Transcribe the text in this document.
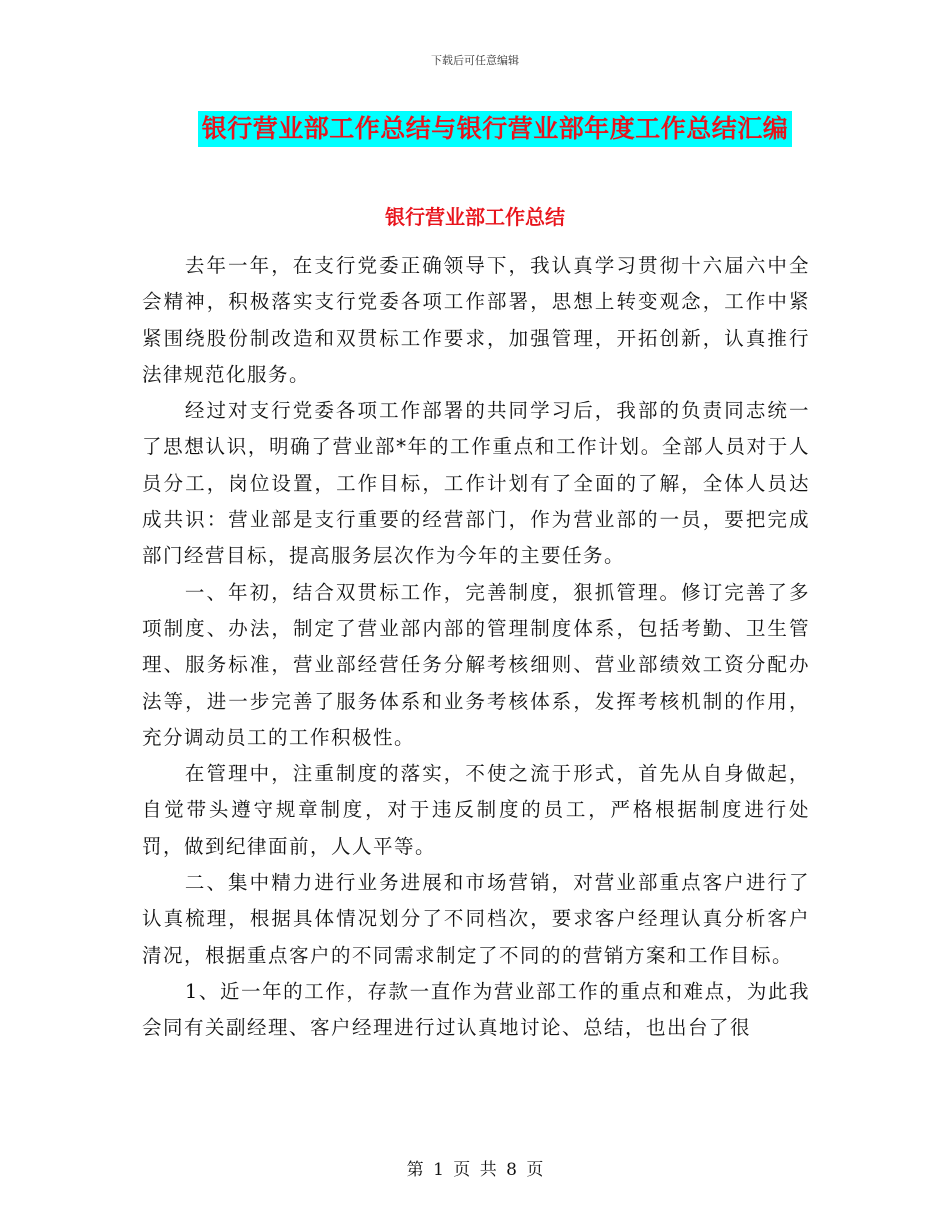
下载后可任意编辑
银行营业部工作总结与银行营业部年度工作总结汇编
银行营业部工作总结

去年一年，在支行党委正确领导下，我认真学习贯彻十六届六中全会精神，积极落实支行党委各项工作部署，思想上转变观念，工作中紧紧围绕股份制改造和双贯标工作要求，加强管理，开拓创新，认真推行法律规范化服务。

经过对支行党委各项工作部署的共同学习后，我部的负责同志统一了思想认识，明确了营业部*年的工作重点和工作计划。全部人员对于人员分工，岗位设置，工作目标，工作计划有了全面的了解，全体人员达成共识：营业部是支行重要的经营部门，作为营业部的一员，要把完成部门经营目标，提高服务层次作为今年的主要任务。

一、年初，结合双贯标工作，完善制度，狠抓管理。修订完善了多项制度、办法，制定了营业部内部的管理制度体系，包括考勤、卫生管理、服务标准，营业部经营任务分解考核细则、营业部绩效工资分配办法等，进一步完善了服务体系和业务考核体系，发挥考核机制的作用，充分调动员工的工作积极性。

在管理中，注重制度的落实，不使之流于形式，首先从自身做起，自觉带头遵守规章制度，对于违反制度的员工，严格根据制度进行处罚，做到纪律面前，人人平等。

二、集中精力进行业务进展和市场营销，对营业部重点客户进行了认真梳理，根据具体情况划分了不同档次，要求客户经理认真分析客户清况，根据重点客户的不同需求制定了不同的的营销方案和工作目标。

1、近一年的工作，存款一直作为营业部工作的重点和难点，为此我会同有关副经理、客户经理进行过认真地讨论、总结，也出台了很

第 1 页 共 8 页
